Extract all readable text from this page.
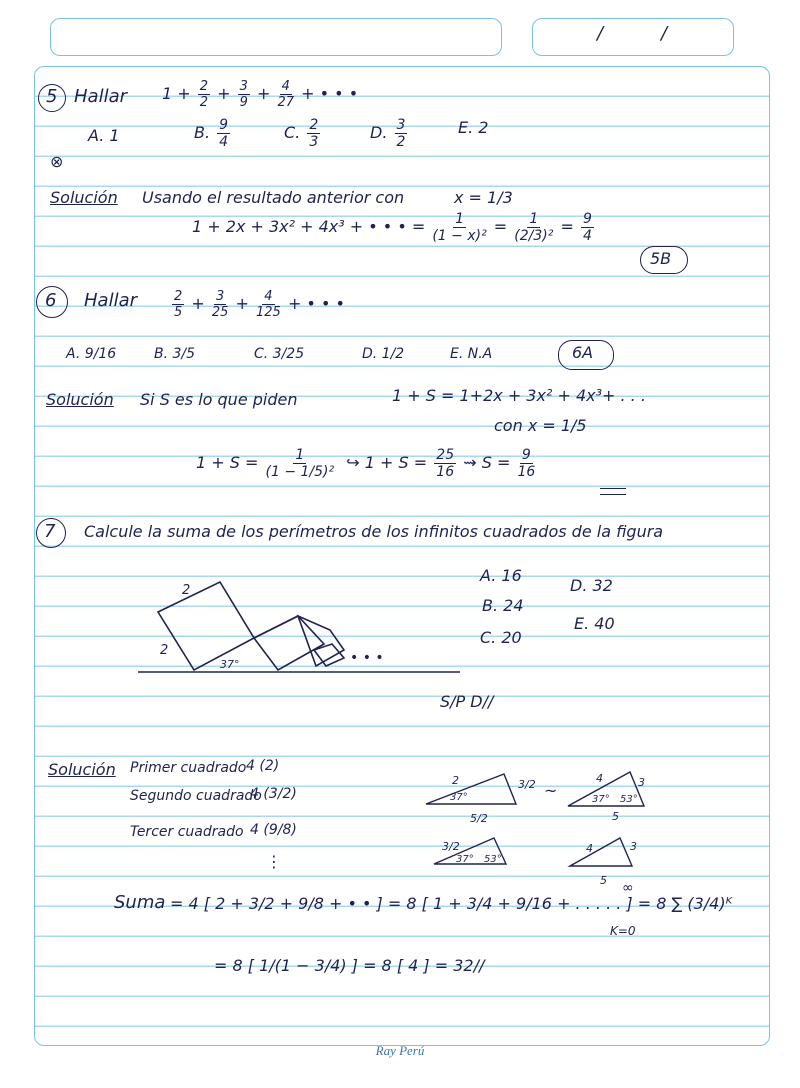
/	/
5 Hallar $1 + \frac{2}{2} + \frac{3}{9} + \frac{4}{27}$ + • • •
A. 1	B. $\frac{9}{4}$	C. $\frac{2}{3}$	D. $\frac{3}{2}$	E. 2
⊗
Solución Usando el resultado anterior con	x = 1/3
1 + 2x + 3x² + 4x³ + • • • = $\frac{1}{\text{(1 − x)²}} = \frac{1}{\text{(2/3)²}} = \frac{9}{4}$
5B
6 Hallar	$\frac{2}{5} + \frac{3}{25} + \frac{4}{125}$ + • • •
A. 9/16	B. 3/5	C. 3/25	D. 1/2	E. N.A	6A
Solución Si S es lo que piden	1 + S = 1+2x + 3x² + 4x³+ . . .
con x = 1/5
$1 + S = \frac{1}{\text{(1 − 1/5)²}}$ ↪ $1 + S = \frac{25}{16}$ ⇝ $S = \frac{9}{16}$
7 Calcule la suma de los perímetros de los infinitos cuadrados de la figura
2
2
37°	• • •
A. 16
B. 24
C. 20
D. 32
E. 40
S/P D//
Solución Primer cuadrado 4 (2)
Segundo cuadrado
4 (3/2)
Tercer cuadrado 4 (9/8)
⋮
2	3/2
37°
5/2
~
4	3
37° 53°
5
3/2
37° 53°
4	3
5
Suma = 4 [ 2 + 3/2 + 9/8 + • • ] = 8 [ 1 + 3/4 + 9/16 + . . . . . ] = 8 ∑ (3/4)ᴷ
∞
K=0
= 8 [ 1/(1 − 3/4) ] = 8 [ 4 ] = 32//
Ray Perú
